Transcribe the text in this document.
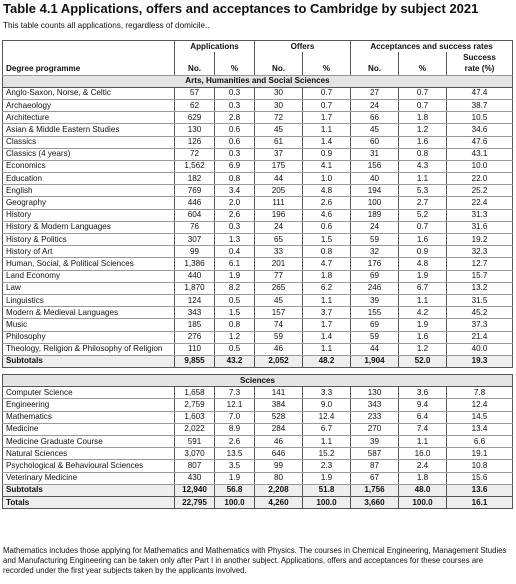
Table 4.1 Applications, offers and acceptances to Cambridge by subject 2021
This table counts all applications, regardless of domicile..
	Applications		Offers		Acceptances and success rates		
							Success
Degree programme	No.	%	No.	%	No.	%	rate (%)
Arts, Humanities and Social Sciences							
Anglo-Saxon, Norse, & Celtic	57	0.3	30	0.7	27	0.7	47.4
Archaeology	62	0.3	30	0.7	24	0.7	38.7
Architecture	629	2.8	72	1.7	66	1.8	10.5
Asian & Middle Eastern Studies	130	0.6	45	1.1	45	1.2	34.6
Classics	126	0.6	61	1.4	60	1.6	47.6
Classics (4 years)	72	0.3	37	0.9	31	0.8	43.1
Economics	1,562	6.9	175	4.1	156	4.3	10.0
Education	182	0.8	44	1.0	40	1.1	22.0
English	769	3.4	205	4.8	194	5.3	25.2
Geography	446	2.0	111	2.6	100	2.7	22.4
History	604	2.6	196	4.6	189	5.2	31.3
History & Modern Languages	76	0.3	24	0.6	24	0.7	31.6
History & Politics	307	1.3	65	1.5	59	1.6	19.2
History of Art	99	0.4	33	0.8	32	0.9	32.3
Human, Social, & Political Sciences	1,386	6.1	201	4.7	176	4.8	12.7
Land Economy	440	1.9	77	1.8	69	1.9	15.7
Law	1,870	8.2	265	6.2	246	6.7	13.2
Linguistics	124	0.5	45	1.1	39	1.1	31.5
Modern & Medieval Languages	343	1.5	157	3.7	155	4.2	45.2
Music	185	0.8	74	1.7	69	1.9	37.3
Philosophy	276	1.2	59	1.4	59	1.6	21.4
Theology, Religion & Philosophy of Religion	110	0.5	46	1.1	44	1.2	40.0
Subtotals	9,855	43.2	2,052	48.2	1,904	52.0	19.3

Sciences							
Computer Science	1,658	7.3	141	3.3	130	3.6	7.8
Engineering	2,759	12.1	384	9.0	343	9.4	12.4
Mathematics	1,603	7.0	528	12.4	233	6.4	14.5
Medicine	2,022	8.9	284	6.7	270	7.4	13.4
Medicine Graduate Course	591	2.6	46	1.1	39	1.1	6.6
Natural Sciences	3,070	13.5	646	15.2	587	16.0	19.1
Psychological & Behavioural Sciences	807	3.5	99	2.3	87	2.4	10.8
Veterinary Medicine	430	1.9	80	1.9	67	1.8	15.6
Subtotals	12,940	56.8	2,208	51.8	1,756	48.0	13.6
Totals	22,795	100.0	4,260	100.0	3,660	100.0	16.1
Mathematics includes those applying for Mathematics and Mathematics with Physics. The courses in Chemical Engineering, Management Studies and Manufacturing Engineering can be taken only after Part I in another subject. Applications, offers and acceptances for these courses are recorded under the first year subjects taken by the applicants involved.
